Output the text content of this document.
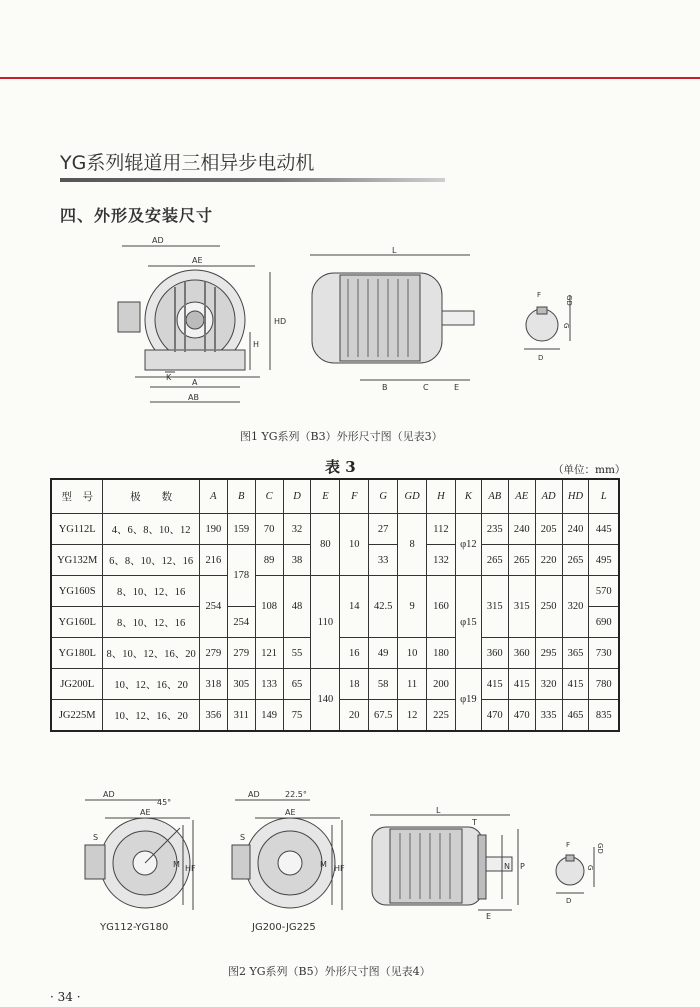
YG系列辊道用三相异步电动机
四、外形及安装尺寸
AD
AE
HD
H
K
A
AB
L
B	C	E
F	GD
G
D
图1 YG系列（B3）外形尺寸图（见表3）
表 3	（单位：mm）
型　号	极　　数	A	B	C	D	E	F	G	GD	H	K	AB	AE	AD	HD	L
YG112L	4、6、8、10、12	190	159	70	32	80	10	27	8	112	φ12	235	240	205	240	445
YG132M	6、8、10、12、16	216	178	89	38			33		132		265	265	220	265	495
YG160S	8、10、12、16	254		108	48	110	14	42.5	9	160	φ15	315	315	250	320	570
YG160L	8、10、12、16		254													690
YG180L	8、10、12、16、20	279	279	121	55		16	49	10	180		360	360	295	365	730
JG200L	10、12、16、20	318	305	133	65	140	18	58	11	200	φ19	415	415	320	415	780
JG225M	10、12、16、20	356	311	149	75		20	67.5	12	225		470	470	335	465	835
AD
45°
AE
S
M HF
YG112-YG180
AD	22.5°
AE
S
M HF
JG200-JG225
L
T
N P
E
F	GD
G
D
图2 YG系列（B5）外形尺寸图（见表4）
· 34 ·
